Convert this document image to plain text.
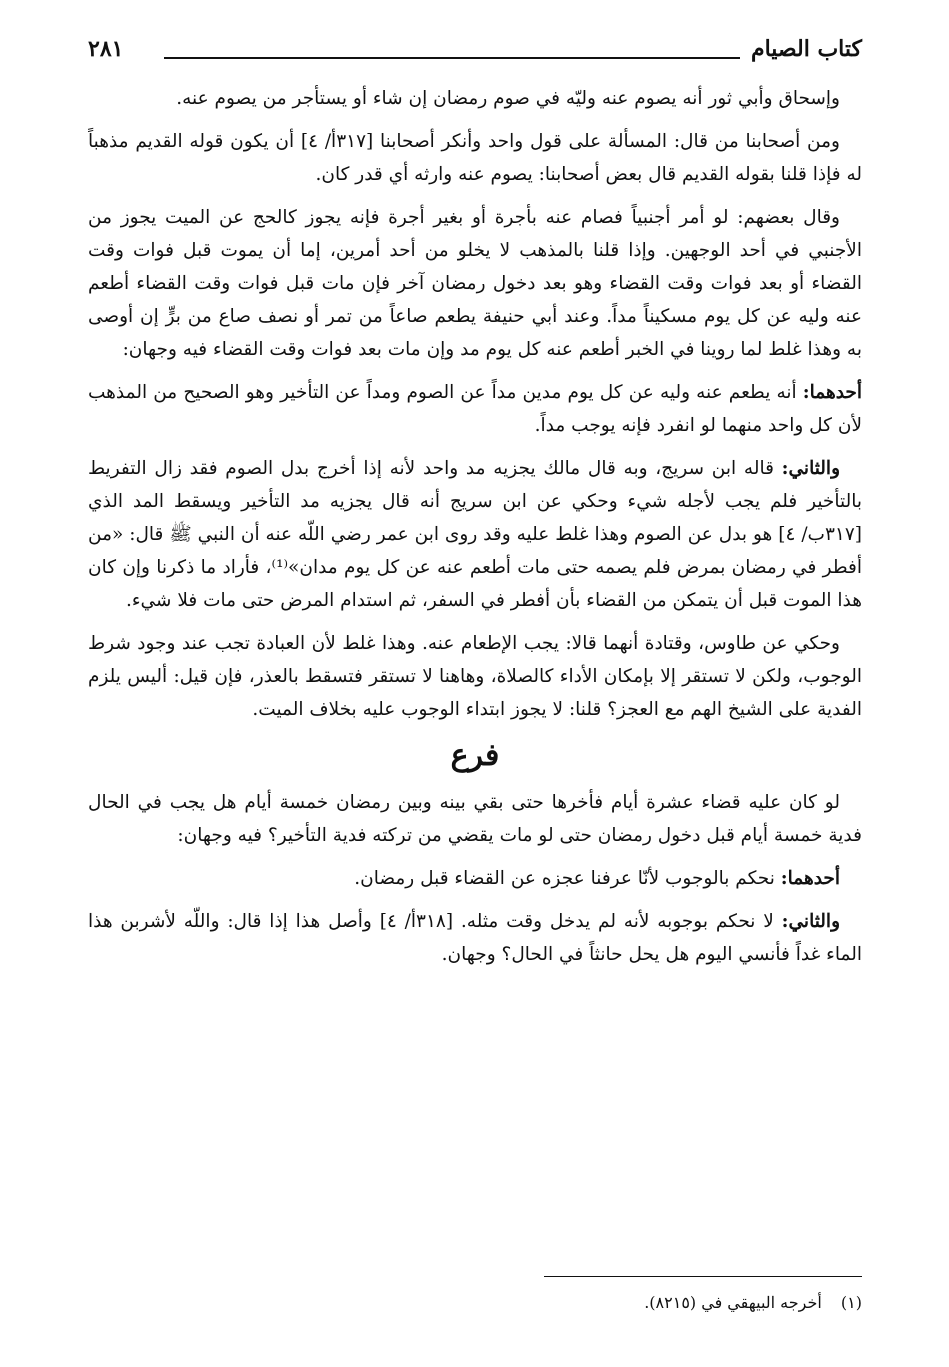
كتاب الصيام
٢٨١

وإسحاق وأبي ثور أنه يصوم عنه وليّه في صوم رمضان إن شاء أو يستأجر من يصوم عنه.

ومن أصحابنا من قال: المسألة على قول واحد وأنكر أصحابنا [٣١٧أ/ ٤] أن يكون قوله القديم مذهباً له فإذا قلنا بقوله القديم قال بعض أصحابنا: يصوم عنه وارثه أي قدر كان.

وقال بعضهم: لو أمر أجنبياً فصام عنه بأجرة أو بغير أجرة فإنه يجوز كالحج عن الميت يجوز من الأجنبي في أحد الوجهين. وإذا قلنا بالمذهب لا يخلو من أحد أمرين، إما أن يموت قبل فوات وقت القضاء أو بعد فوات وقت القضاء وهو بعد دخول رمضان آخر فإن مات قبل فوات وقت القضاء أطعم عنه وليه عن كل يوم مسكيناً مداً. وعند أبي حنيفة يطعم صاعاً من تمر أو نصف صاع من برٍّ إن أوصى به وهذا غلط لما روينا في الخبر أطعم عنه كل يوم مد وإن مات بعد فوات وقت القضاء فيه وجهان:

أحدهما: أنه يطعم عنه وليه عن كل يوم مدين مداً عن الصوم ومداً عن التأخير وهو الصحيح من المذهب لأن كل واحد منهما لو انفرد فإنه يوجب مداً.

والثاني: قاله ابن سريج، وبه قال مالك يجزيه مد واحد لأنه إذا أخرج بدل الصوم فقد زال التفريط بالتأخير فلم يجب لأجله شيء وحكي عن ابن سريج أنه قال يجزيه مد التأخير ويسقط المد الذي [٣١٧ب/ ٤] هو بدل عن الصوم وهذا غلط عليه وقد روى ابن عمر رضي اللّه عنه أن النبي ﷺ قال: «من أفطر في رمضان بمرض فلم يصمه حتى مات أطعم عنه عن كل يوم مدان»⁽¹⁾، فأراد ما ذكرنا وإن كان هذا الموت قبل أن يتمكن من القضاء بأن أفطر في السفر، ثم استدام المرض حتى مات فلا شيء.

وحكي عن طاوس، وقتادة أنهما قالا: يجب الإطعام عنه. وهذا غلط لأن العبادة تجب عند وجود شرط الوجوب، ولكن لا تستقر إلا بإمكان الأداء كالصلاة، وهاهنا لا تستقر فتسقط بالعذر، فإن قيل: أليس يلزم الفدية على الشيخ الهم مع العجز؟ قلنا: لا يجوز ابتداء الوجوب عليه بخلاف الميت.

فرع

لو كان عليه قضاء عشرة أيام فأخرها حتى بقي بينه وبين رمضان خمسة أيام هل يجب في الحال فدية خمسة أيام قبل دخول رمضان حتى لو مات يقضي من تركته فدية التأخير؟ فيه وجهان:

أحدهما: نحكم بالوجوب لأنّا عرفنا عجزه عن القضاء قبل رمضان.

والثاني: لا نحكم بوجوبه لأنه لم يدخل وقت مثله. [٣١٨أ/ ٤] وأصل هذا إذا قال: واللّه لأشربن هذا الماء غداً فأنسي اليوم هل يحل حانثاً في الحال؟ وجهان.

(١) أخرجه البيهقي في (٨٢١٥).
